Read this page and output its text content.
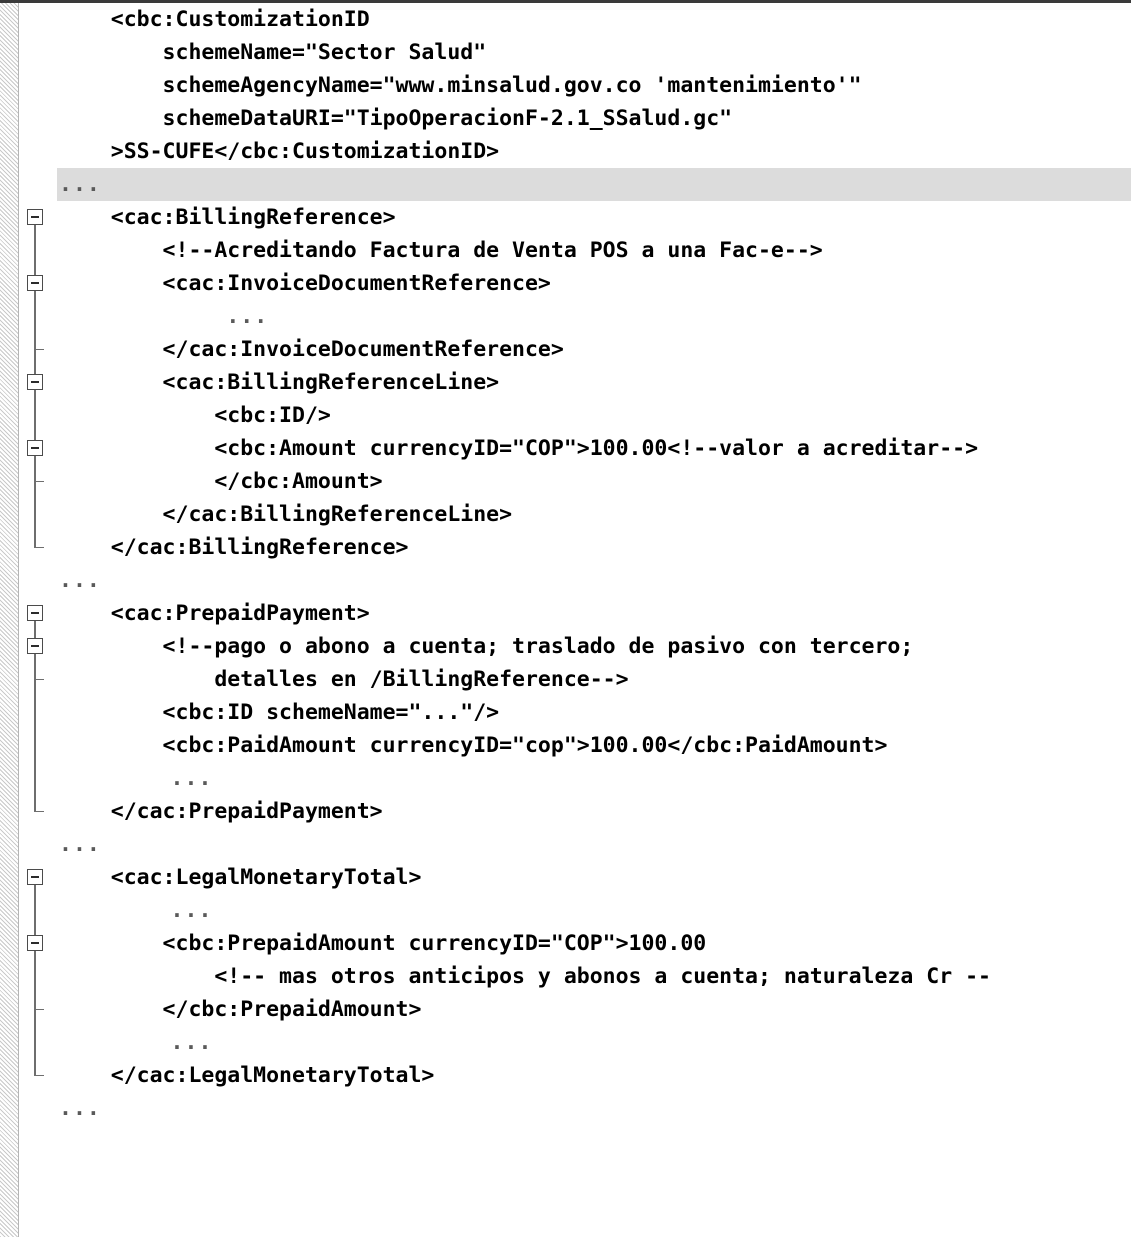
<cbc:CustomizationID
schemeName="Sector Salud"
schemeAgencyName="www.minsalud.gov.co 'mantenimiento'"
schemeDataURI="TipoOperacionF-2.1_SSalud.gc"
>SS-CUFE</cbc:CustomizationID>
...
<cac:BillingReference>
<!--Acreditando Factura de Venta POS a una Fac-e-->
<cac:InvoiceDocumentReference>
...
</cac:InvoiceDocumentReference>
<cac:BillingReferenceLine>
<cbc:ID/>
<cbc:Amount currencyID="COP">100.00<!--valor a acreditar-->
</cbc:Amount>
</cac:BillingReferenceLine>
</cac:BillingReference>
...
<cac:PrepaidPayment>
<!--pago o abono a cuenta; traslado de pasivo con tercero;
detalles en /BillingReference-->
<cbc:ID schemeName="..."/>
<cbc:PaidAmount currencyID="cop">100.00</cbc:PaidAmount>
...
</cac:PrepaidPayment>
...
<cac:LegalMonetaryTotal>
...
<cbc:PrepaidAmount currencyID="COP">100.00
<!-- mas otros anticipos y abonos a cuenta; naturaleza Cr --
</cbc:PrepaidAmount>
...
</cac:LegalMonetaryTotal>
...
